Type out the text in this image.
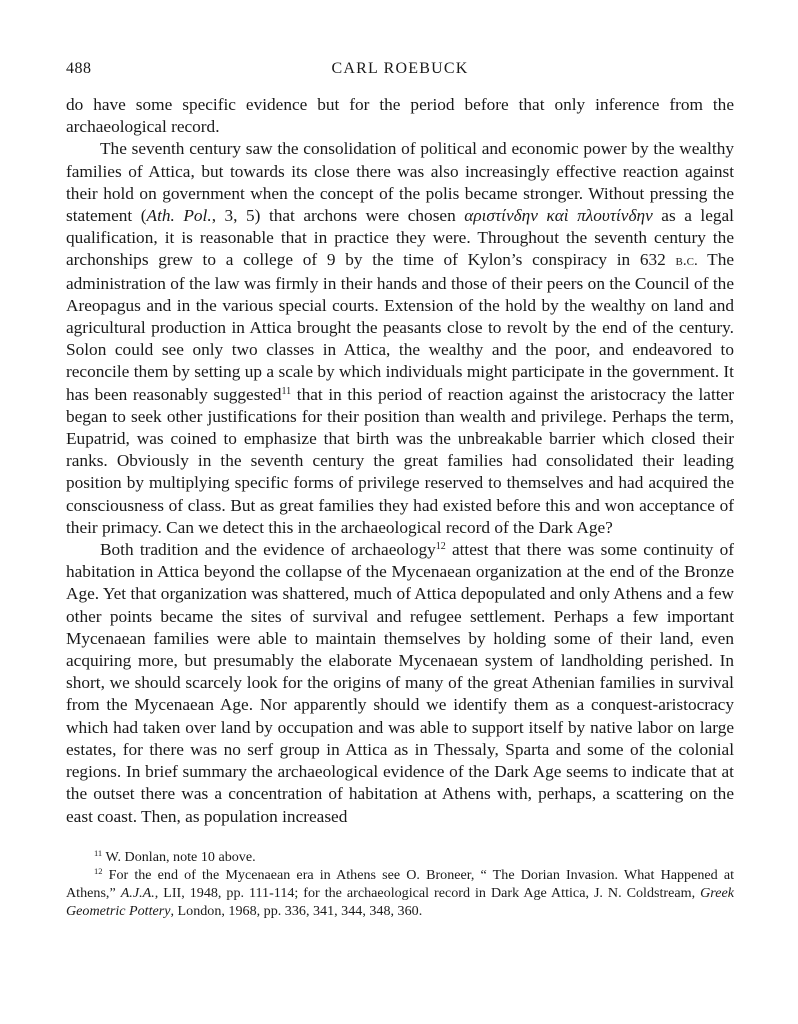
488	CARL ROEBUCK

do have some specific evidence but for the period before that only inference from the archaeological record.

The seventh century saw the consolidation of political and economic power by the wealthy families of Attica, but towards its close there was also increasingly effective reaction against their hold on government when the concept of the polis became stronger. Without pressing the statement (Ath. Pol., 3, 5) that archons were chosen αριστίνδην καὶ πλουτίνδην as a legal qualification, it is reasonable that in practice they were. Throughout the seventh century the archonships grew to a college of 9 by the time of Kylon’s conspiracy in 632 b.c. The administration of the law was firmly in their hands and those of their peers on the Council of the Areopagus and in the various special courts. Extension of the hold by the wealthy on land and agricultural production in Attica brought the peasants close to revolt by the end of the century. Solon could see only two classes in Attica, the wealthy and the poor, and endeavored to reconcile them by setting up a scale by which individuals might participate in the government. It has been reasonably suggested$^{11}$ that in this period of reaction against the aristocracy the latter began to seek other justifications for their position than wealth and privilege. Perhaps the term, Eupatrid, was coined to emphasize that birth was the unbreakable barrier which closed their ranks. Obviously in the seventh century the great families had consolidated their leading position by multiplying specific forms of privilege reserved to themselves and had acquired the consciousness of class. But as great families they had existed before this and won acceptance of their primacy. Can we detect this in the archaeological record of the Dark Age?

Both tradition and the evidence of archaeology$^{12}$ attest that there was some continuity of habitation in Attica beyond the collapse of the Mycenaean organization at the end of the Bronze Age. Yet that organization was shattered, much of Attica depopulated and only Athens and a few other points became the sites of survival and refugee settlement. Perhaps a few important Mycenaean families were able to maintain themselves by holding some of their land, even acquiring more, but presumably the elaborate Mycenaean system of landholding perished. In short, we should scarcely look for the origins of many of the great Athenian families in survival from the Mycenaean Age. Nor apparently should we identify them as a conquest-aristocracy which had taken over land by occupation and was able to support itself by native labor on large estates, for there was no serf group in Attica as in Thessaly, Sparta and some of the colonial regions. In brief summary the archaeological evidence of the Dark Age seems to indicate that at the outset there was a concentration of habitation at Athens with, perhaps, a scattering on the east coast. Then, as population increased

$^{11}$ W. Donlan, note 10 above.

$^{12}$ For the end of the Mycenaean era in Athens see O. Broneer, “ The Dorian Invasion. What Happened at Athens,” A.J.A., LII, 1948, pp. 111-114; for the archaeological record in Dark Age Attica, J. N. Coldstream, Greek Geometric Pottery, London, 1968, pp. 336, 341, 344, 348, 360.
